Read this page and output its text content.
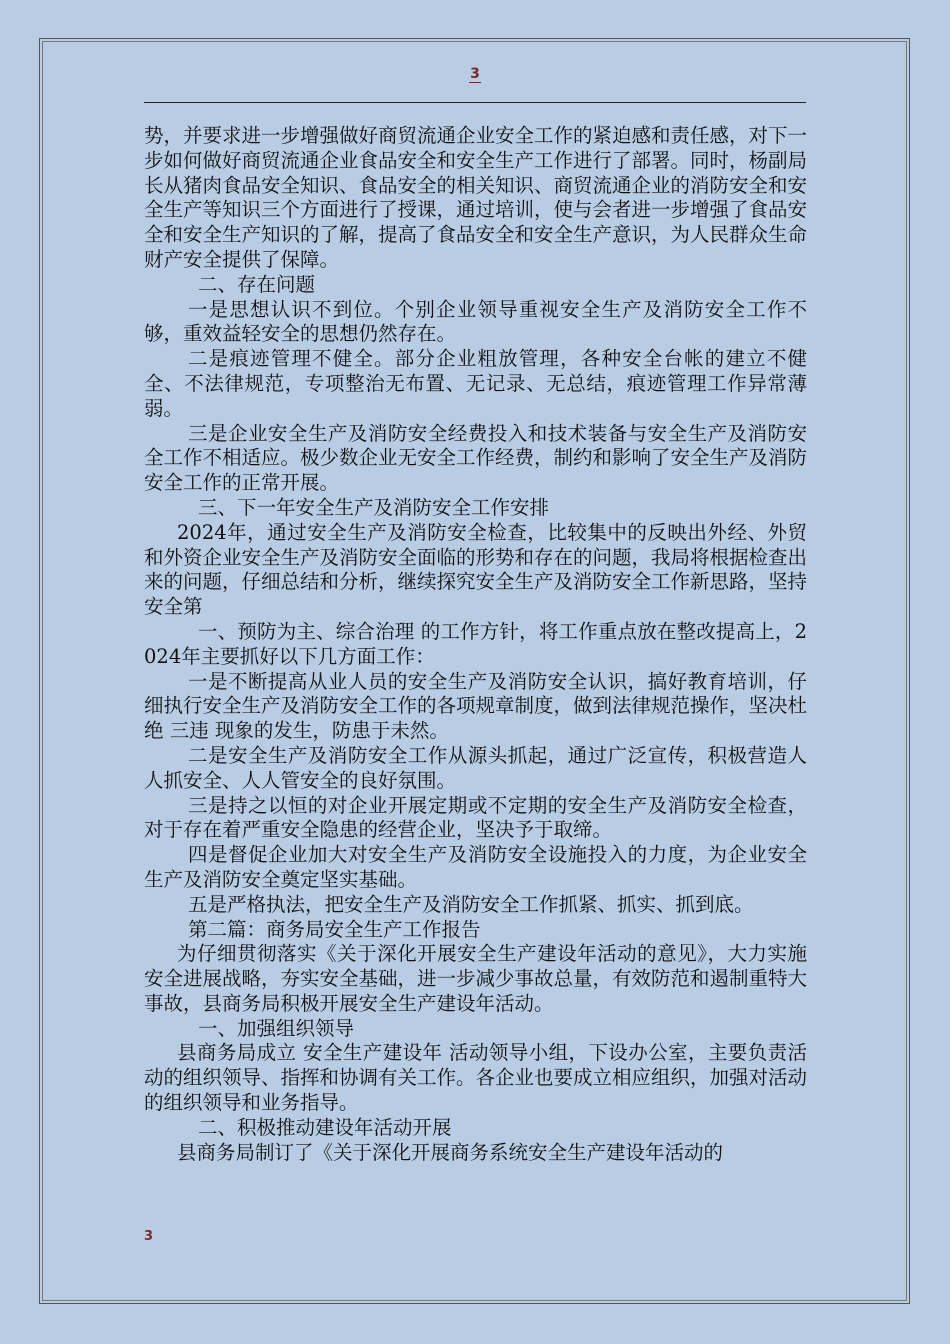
3

势，并要求进一步增强做好商贸流通企业安全工作的紧迫感和责任感，对下一步如何做好商贸流通企业食品安全和安全生产工作进行了部署。同时，杨副局长从猪肉食品安全知识、食品安全的相关知识、商贸流通企业的消防安全和安全生产等知识三个方面进行了授课，通过培训，使与会者进一步增强了食品安全和安全生产知识的了解，提高了食品安全和安全生产意识，为人民群众生命财产安全提供了保障。

二、存在问题

一是思想认识不到位。个别企业领导重视安全生产及消防安全工作不够，重效益轻安全的思想仍然存在。

二是痕迹管理不健全。部分企业粗放管理，各种安全台帐的建立不健全、不法律规范，专项整治无布置、无记录、无总结，痕迹管理工作异常薄弱。

三是企业安全生产及消防安全经费投入和技术装备与安全生产及消防安全工作不相适应。极少数企业无安全工作经费，制约和影响了安全生产及消防安全工作的正常开展。

三、下一年安全生产及消防安全工作安排

2024年，通过安全生产及消防安全检查，比较集中的反映出外经、外贸和外资企业安全生产及消防安全面临的形势和存在的问题，我局将根据检查出来的问题，仔细总结和分析，继续探究安全生产及消防安全工作新思路，坚持 安全第

一、预防为主、综合治理 的工作方针，将工作重点放在整改提高上，2024年主要抓好以下几方面工作：

一是不断提高从业人员的安全生产及消防安全认识，搞好教育培训，仔细执行安全生产及消防安全工作的各项规章制度，做到法律规范操作，坚决杜绝 三违 现象的发生，防患于未然。

二是安全生产及消防安全工作从源头抓起，通过广泛宣传，积极营造人人抓安全、人人管安全的良好氛围。

三是持之以恒的对企业开展定期或不定期的安全生产及消防安全检查，对于存在着严重安全隐患的经营企业，坚决予于取缔。

四是督促企业加大对安全生产及消防安全设施投入的力度，为企业安全生产及消防安全奠定坚实基础。

五是严格执法，把安全生产及消防安全工作抓紧、抓实、抓到底。

第二篇：商务局安全生产工作报告

为仔细贯彻落实《关于深化开展安全生产建设年活动的意见》，大力实施安全进展战略，夯实安全基础，进一步减少事故总量，有效防范和遏制重特大事故，县商务局积极开展安全生产建设年活动。

一、加强组织领导

县商务局成立 安全生产建设年 活动领导小组，下设办公室，主要负责活动的组织领导、指挥和协调有关工作。各企业也要成立相应组织，加强对活动的组织领导和业务指导。

二、积极推动建设年活动开展

县商务局制订了《关于深化开展商务系统安全生产建设年活动的

3
